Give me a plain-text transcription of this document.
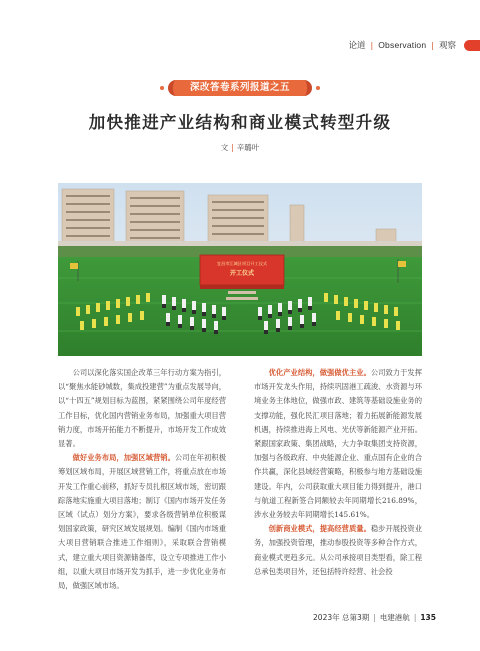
论道 | Observation | 观察
深改答卷系列报道之五
加快推进产业结构和商业模式转型升级
文 | 辛璐叶
宜昌市江城区项目开工仪式
开工仪式

公司以深化落实国企改革三年行动方案为指引，以“聚焦水能砂城数，集成投建营”为重点发展导向，以“十四五”规划目标为蓝图，紧紧围绕公司年度经营工作目标，优化国内营销业务布局，加强重大项目营销力度，市场开拓能力不断提升，市场开发工作成效显著。

做好业务布局，加强区域营销。公司在年初积极筹划区域布局，开展区域营销工作，将重点放在市场开发工作重心前移，抓好专员扎根区域市场，密切跟踪落地实施重大项目落地；制订《国内市场开发任务区域（试点）划分方案》，要求各级营销单位积极谋划国家政策，研究区域发展规划。编制《国内市场重大项目营销联合推进工作细则》，采取联合营销模式，建立重大项目资源储备库，设立专项推进工作小组，以重大项目市场开发为抓手，进一步优化业务布局，做强区域市场。

优化产业结构，做强做优主业。公司致力于发挥市场开发龙头作用，持续巩固港工疏浚、水资源与环境业务主体地位，做强市政、建筑等基础设施业务的支撑功能，强化民汇项目落地；着力拓展新能源发展机遇，持续推进海上风电、光伏等新能源产业开拓。紧跟国家政策、集团战略，大力争取集团支持资源，加强与各级政府、中央能源企业、重点国有企业的合作共赢，深化县域经营策略，积极参与地方基础设施建设。年内，公司获取重大项目能力得到提升，港口与航道工程新签合同额较去年同期增长216.89%，涉水业务较去年同期增长145.61%。

创新商业模式，提高经营质量。稳步开展投资业务，加强投资管理，推动参股投资等多种合作方式，商业模式更趋多元。从公司承接项目类型看，除工程总承包类项目外，还包括特许经营、社会投

2023年 总第3期 | 电建港航 | 135
